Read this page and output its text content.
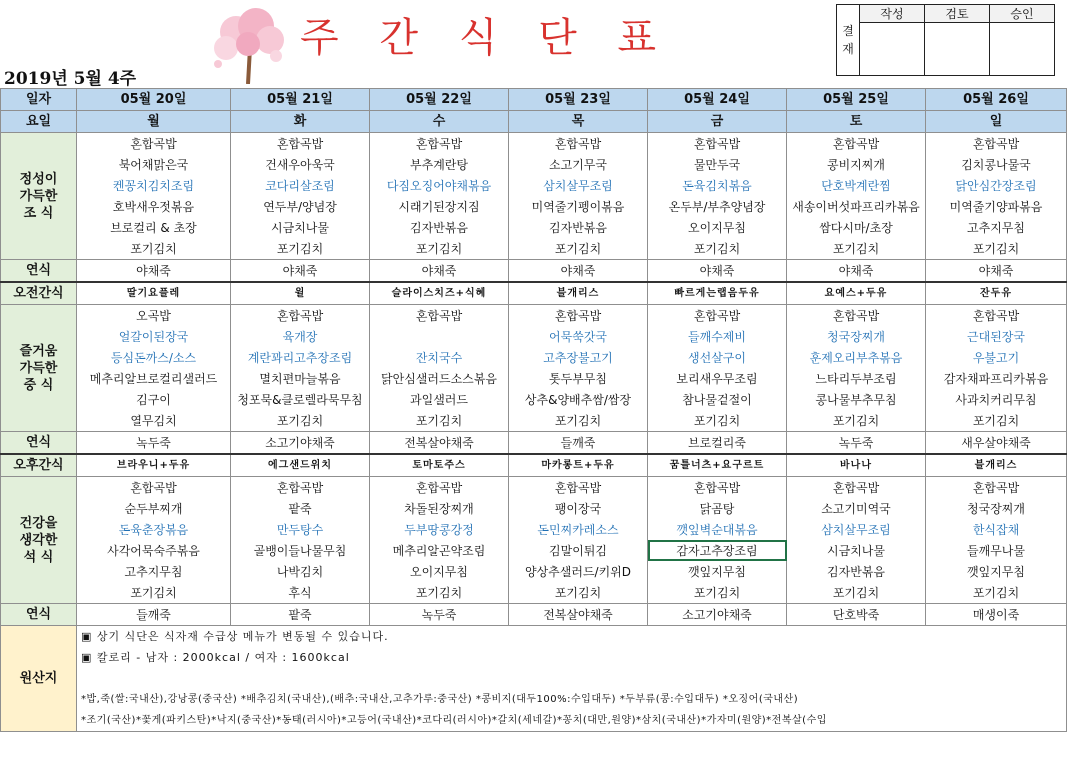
주 간 식 단 표
2019년 5월 4주
결
재	작성	검토	승인

일자	05월 20일	05월 21일	05월 22일	05월 23일	05월 24일	05월 25일	05월 26일
요일	월	화	수	목	금	토	일
정성이
가득한
조 식	혼합곡밥	혼합곡밥	혼합곡밥	혼합곡밥	혼합곡밥	혼합곡밥	혼합곡밥
	북어채맑은국	건새우아욱국	부추계란탕	소고기무국	물만두국	콩비지찌개	김치콩나물국
	켄꽁치김치조림	코다리살조림	다짐오징어야채볶음	삼치살무조림	돈육김치볶음	단호박계란찜	닭안심간장조림
	호박새우젓볶음	연두부/양념장	시래기된장지짐	미역줄기펭이볶음	온두부/부추양념장	새송이버섯파프리카볶음	미역줄기양파볶음
	브로컬리 & 초장	시금치나물	김자반볶음	김자반볶음	오이지무침	쌈다시마/초장	고추지무침
	포기김치	포기김치	포기김치	포기김치	포기김치	포기김치	포기김치
연식	야채죽	야채죽	야채죽	야채죽	야채죽	야채죽	야채죽
오전간식	딸기요플레	윌	슬라이스치즈+식혜	블개리스	빠르게는랩음두유	요예스+두유	잔두유
즐거움
가득한
중 식	오곡밥	혼합곡밥	혼합곡밥	혼합곡밥	혼합곡밥	혼합곡밥	혼합곡밥
	얼갈이된장국	육개장		어묵쑥갓국	들깨수제비	청국장찌개	근대된장국
	등심돈까스/소스	계란꽈리고추장조림	잔치국수	고추장불고기	생선살구이	훈제오리부추볶음	우불고기
	메추리알브로컬리샐러드	멸치편마늘볶음	닭안심샐러드소스볶음	톳두부무침	보리새우무조림	느타리두부조림	감자채파프리카볶음
	김구이	청포묵&클로렐라묵무침	과일샐러드	상추&양배추쌈/쌈장	참나물겉절이	콩나물부추무침	사과치커리무침
	열무김치	포기김치	포기김치	포기김치	포기김치	포기김치	포기김치
연식	녹두죽	소고기야채죽	전복살야채죽	들깨죽	브로컬리죽	녹두죽	새우살야채죽
오후간식	브라우니+두유	에그샌드위치	토마토주스	마카롱트+두유	꿈틀너츠+요구르트	바나나	블개리스
건강을
생각한
석 식	혼합곡밥	혼합곡밥	혼합곡밥	혼합곡밥	혼합곡밥	혼합곡밥	혼합곡밥
	순두부찌개	팥죽	차돌된장찌개	팽이장국	닭곰탕	소고기미역국	청국장찌개
	돈육춘장볶음	만두탕수	두부땅콩강정	돈민찌카레소스	깻잎벽순대볶음	삼치살무조림	한식잡채
	사각어묵숙주볶음	골뱅이들나물무침	메추리알곤약조림	김말이튀김	감자고추장조림	시금치나물	들깨무나물
	고추지무침	나박김치	오이지무침	양상추샐러드/키위D	깻잎지무침	김자반볶음	깻잎지무침
	포기김치	후식	포기김치	포기김치	포기김치	포기김치	포기김치
연식	들깨죽	팥죽	녹두죽	전복살야채죽	소고기야채죽	단호박죽	매생이죽
원산지	▣ 상기 식단은 식자재 수급상 메뉴가 변동될 수 있습니다.						
	▣ 칼로리 - 남자 : 2000kcal / 여자 : 1600kcal						

	*밥,죽(쌀:국내산),강낭콩(중국산) *배추김치(국내산),(배추:국내산,고추가루:중국산) *콩비지(대두100%:수입대두) *두부류(콩:수입대두) *오징어(국내산)						
	*조기(국산)*꽃게(파키스탄)*낙지(중국산)*동태(러시아)*고등어(국내산)*코다리(러시아)*갈치(세네갈)*꽁치(대만,원양)*삼치(국내산)*가자미(원양)*전복살(수입						
